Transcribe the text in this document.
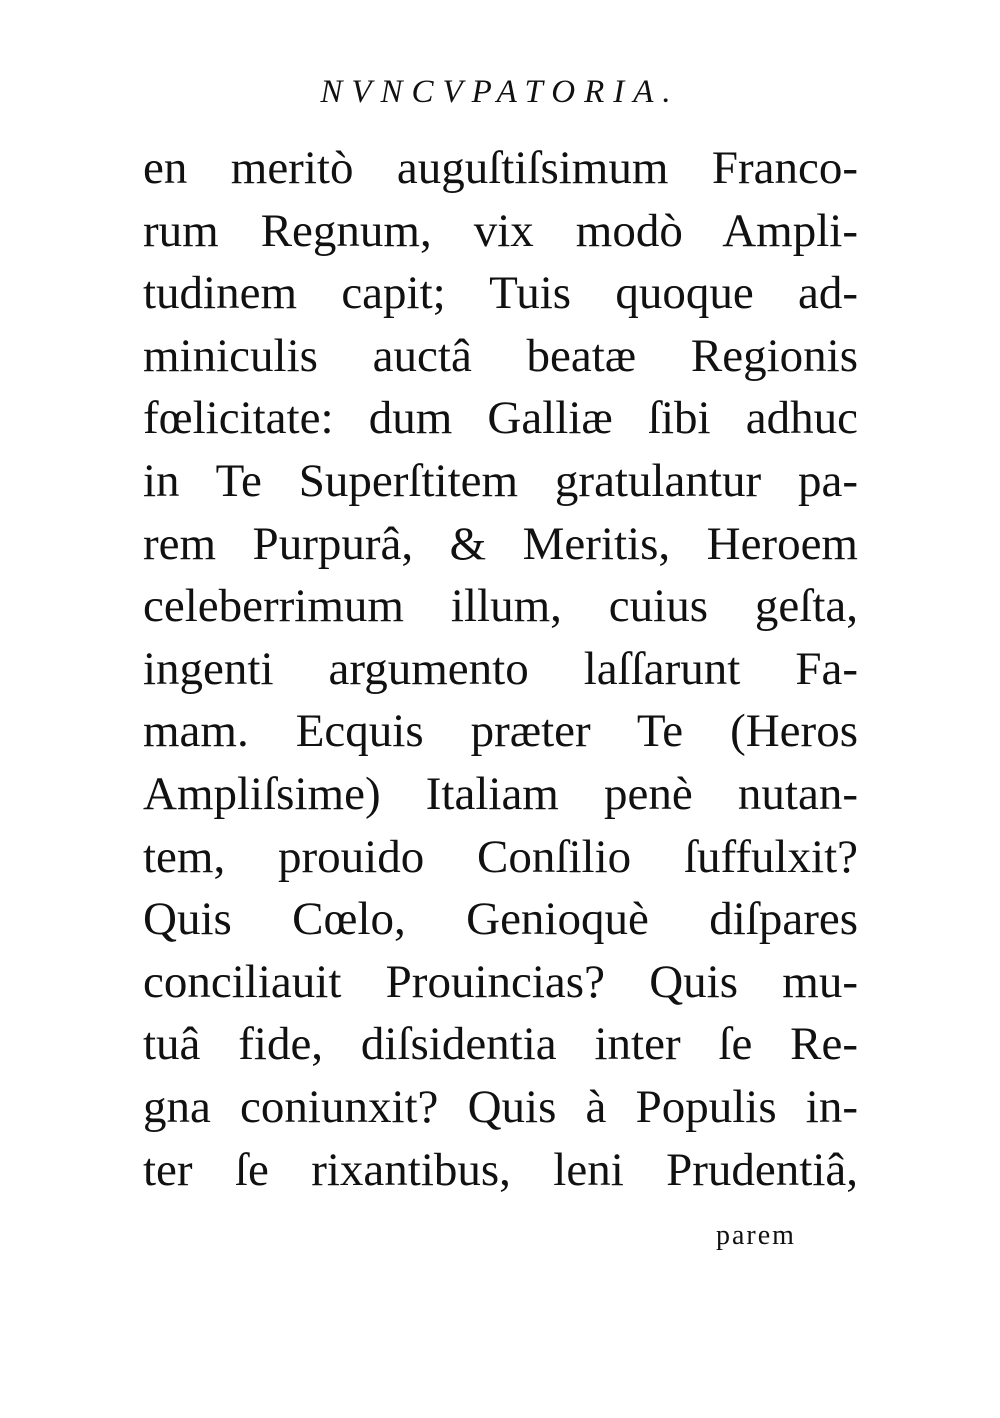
NVNCVPATORIA.
en meritò auguſtiſsimum Franco-
rum Regnum, vix modò Ampli-
tudinem capit; Tuis quoque ad-
miniculis auctâ beatæ Regionis
fœlicitate: dum Galliæ ſibi adhuc
in Te Superſtitem gratulantur pa-
rem Purpurâ, & Meritis, Heroem
celeberrimum illum, cuius geſta,
ingenti argumento laſſarunt Fa-
mam. Ecquis præter Te (Heros
Ampliſsime) Italiam penè nutan-
tem, prouido Conſilio ſuffulxit?
Quis Cœlo, Genioquè diſpares
conciliauit Prouincias? Quis mu-
tuâ fide, diſsidentia inter ſe Re-
gna coniunxit? Quis à Populis in-
ter ſe rixantibus, leni Prudentiâ,
parem
